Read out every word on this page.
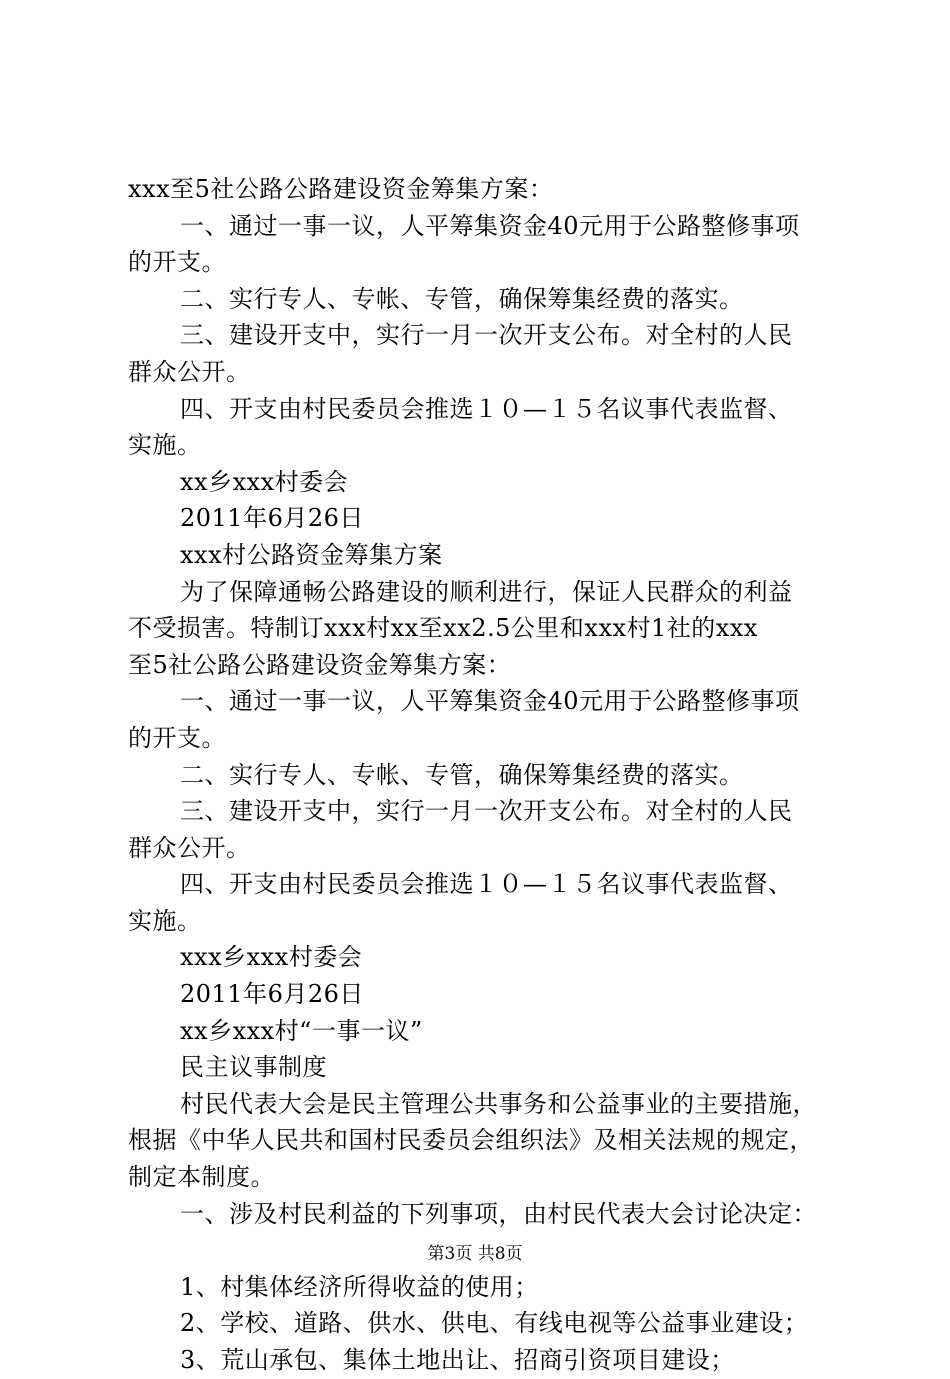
xxx至5社公路公路建设资金筹集方案：
一、通过一事一议，人平筹集资金40元用于公路整修事项
的开支。
二、实行专人、专帐、专管，确保筹集经费的落实。
三、建设开支中，实行一月一次开支公布。对全村的人民
群众公开。
四、开支由村民委员会推选１０—１５名议事代表监督、
实施。
xx乡xxx村委会
2011年6月26日
xxx村公路资金筹集方案
为了保障通畅公路建设的顺利进行，保证人民群众的利益
不受损害。特制订xxx村xx至xx2.5公里和xxx村1社的xxx
至5社公路公路建设资金筹集方案：
一、通过一事一议，人平筹集资金40元用于公路整修事项
的开支。
二、实行专人、专帐、专管，确保筹集经费的落实。
三、建设开支中，实行一月一次开支公布。对全村的人民
群众公开。
四、开支由村民委员会推选１０—１５名议事代表监督、
实施。
xxx乡xxx村委会
2011年6月26日
xx乡xxx村“一事一议”
民主议事制度
村民代表大会是民主管理公共事务和公益事业的主要措施，
根据《中华人民共和国村民委员会组织法》及相关法规的规定，
制定本制度。
一、涉及村民利益的下列事项，由村民代表大会讨论决定：
1、村集体经济所得收益的使用；
2、学校、道路、供水、供电、有线电视等公益事业建设；
3、荒山承包、集体土地出让、招商引资项目建设；
第3页 共8页
